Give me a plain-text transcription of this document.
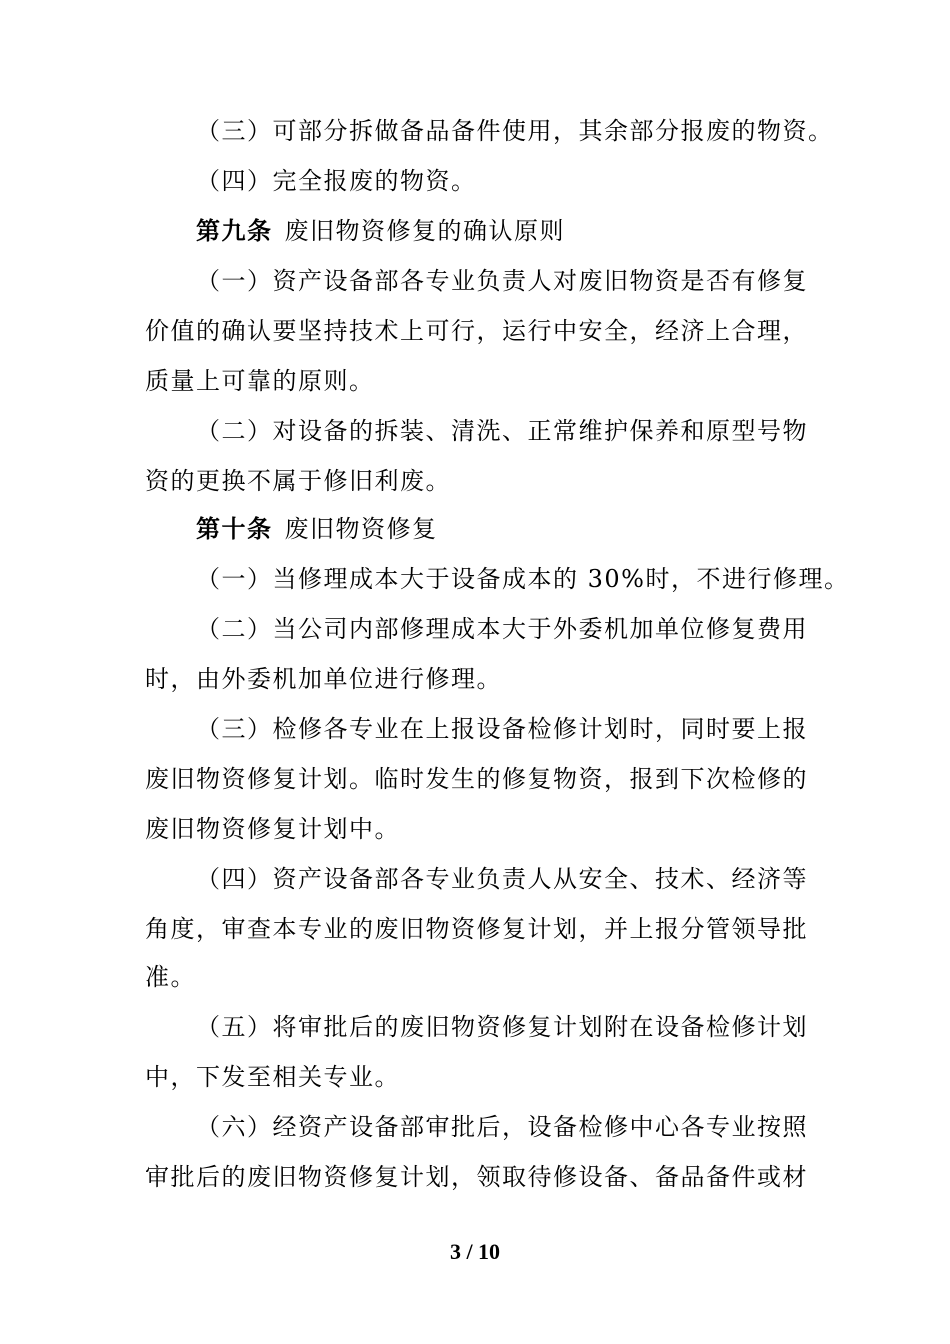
（三）可部分拆做备品备件使用，其余部分报废的物资。
（四）完全报废的物资。
第九条 废旧物资修复的确认原则
（一）资产设备部各专业负责人对废旧物资是否有修复
价值的确认要坚持技术上可行，运行中安全，经济上合理，
质量上可靠的原则。
（二）对设备的拆装、清洗、正常维护保养和原型号物
资的更换不属于修旧利废。
第十条 废旧物资修复
（一）当修理成本大于设备成本的 30%时，不进行修理。
（二）当公司内部修理成本大于外委机加单位修复费用
时，由外委机加单位进行修理。
（三）检修各专业在上报设备检修计划时，同时要上报
废旧物资修复计划。临时发生的修复物资，报到下次检修的
废旧物资修复计划中。
（四）资产设备部各专业负责人从安全、技术、经济等
角度，审查本专业的废旧物资修复计划，并上报分管领导批
准。
（五）将审批后的废旧物资修复计划附在设备检修计划
中，下发至相关专业。
（六）经资产设备部审批后，设备检修中心各专业按照
审批后的废旧物资修复计划，领取待修设备、备品备件或材
3 / 10
